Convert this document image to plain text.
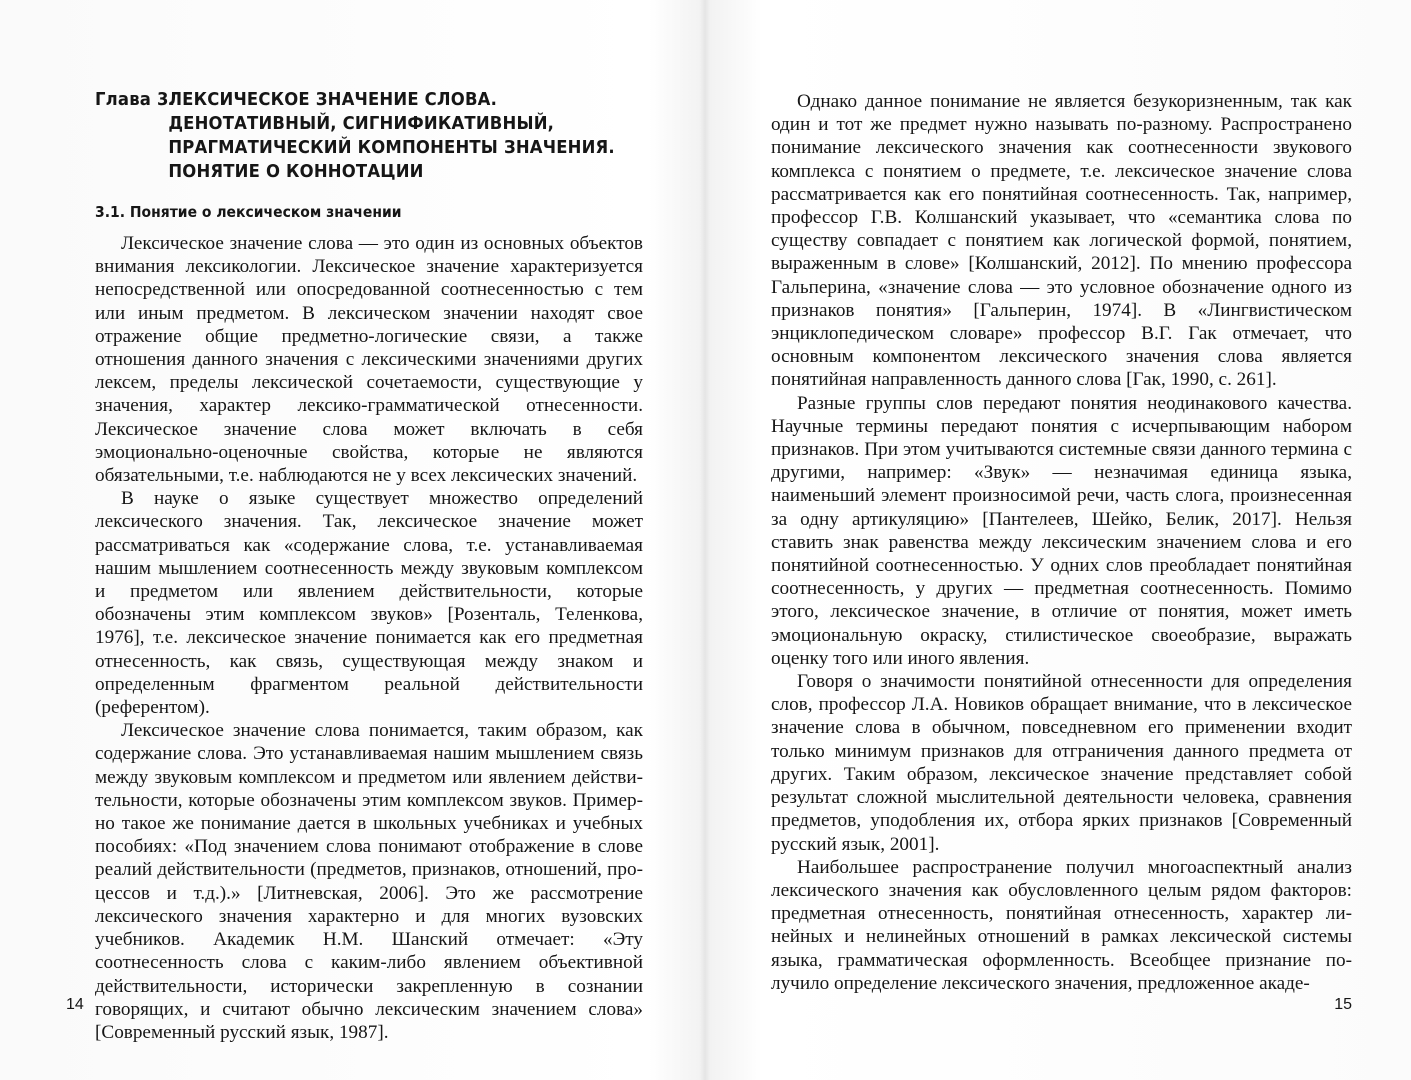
Глава 3.
ЛЕКСИЧЕСКОЕ ЗНАЧЕНИЕ СЛОВА. ДЕНОТАТИВНЫЙ, СИГНИФИКАТИВНЫЙ, ПРАГМАТИЧЕСКИЙ КОМПОНЕНТЫ ЗНАЧЕНИЯ. ПОНЯТИЕ О КОННОТАЦИИ
3.1. Понятие о лексическом значении

Лексическое значение слова — это один из основных объектов внимания лексикологии. Лексическое значение характеризуется непосредственной или опосредованной соотнесенностью с тем или иным предметом. В лексическом значении находят свое отражение общие предметно-логические связи, а также отношения данного значения с лексическими значениями других лексем, пределы лексической сочетаемости, существующие у значения, характер лексико-грамматической отнесенности. Лексическое значение слова может включать в себя эмоционально-оценочные свойства, которые не являются обязательными, т.е. наблюдаются не у всех лексических значений.

В науке о языке существует множество определений лексического значения. Так, лексическое значение может рассматриваться как «содержание слова, т.е. устанавливаемая нашим мышлением соотнесенность между звуковым комплексом и предметом или явлением действительности, которые обозначены этим комплексом звуков» [Розенталь, Теленкова, 1976], т.е. лексическое значение понимается как его предметная отнесенность, как связь, существующая между знаком и определенным фрагментом реальной действительности (референтом).

Лексическое значение слова понимается, таким образом, как содержание слова. Это устанавливаемая нашим мышлением связь между звуковым комплексом и предметом или явлением действительности, которые обозначены этим комплексом звуков. Примерно такое же понимание дается в школьных учебниках и учебных пособиях: «Под значением слова понимают отображение в слове реалий действительности (предметов, признаков, отношений, процессов и т.д.).» [Литневская, 2006]. Это же рассмотрение лексического значения характерно и для многих вузовских учебников. Академик Н.М. Шанский отмечает: «Эту соотнесенность слова с каким-либо явлением объективной действительности, исторически закрепленную в сознании говорящих, и считают обычно лексическим значением слова» [Современный русский язык, 1987].

14

Однако данное понимание не является безукоризненным, так как один и тот же предмет нужно называть по-разному. Распространено понимание лексического значения как соотнесенности звукового комплекса с понятием о предмете, т.е. лексическое значение слова рассматривается как его понятийная соотнесенность. Так, например, профессор Г.В. Колшанский указывает, что «семантика слова по существу совпадает с понятием как логической формой, понятием, выраженным в слове» [Колшанский, 2012]. По мнению профессора Гальперина, «значение слова — это условное обозначение одного из признаков понятия» [Гальперин, 1974]. В «Лингвистическом энциклопедическом словаре» профессор В.Г. Гак отмечает, что основным компонентом лексического значения слова является понятийная направленность данного слова [Гак, 1990, с. 261].

Разные группы слов передают понятия неодинакового качества. Научные термины передают понятия с исчерпывающим набором признаков. При этом учитываются системные связи данного термина с другими, например: «Звук» — незначимая единица языка, наименьший элемент произносимой речи, часть слога, произнесенная за одну артикуляцию» [Пантелеев, Шейко, Белик, 2017]. Нельзя ставить знак равенства между лексическим значением слова и его понятийной соотнесенностью. У одних слов преобладает понятийная соотнесенность, у других — предметная соотнесенность. Помимо этого, лексическое значение, в отличие от понятия, может иметь эмоциональную окраску, стилистическое своеобразие, выражать оценку того или иного явления.

Говоря о значимости понятийной отнесенности для определения слов, профессор Л.А. Новиков обращает внимание, что в лексическое значение слова в обычном, повседневном его применении входит только минимум признаков для отграничения данного предмета от других. Таким образом, лексическое значение представляет собой результат сложной мыслительной деятельности человека, сравнения предметов, уподобления их, отбора ярких признаков [Современный русский язык, 2001].

Наибольшее распространение получил многоаспектный анализ лексического значения как обусловленного целым рядом факторов: предметная отнесенность, понятийная отнесенность, характер линейных и нелинейных отношений в рамках лексической системы языка, грамматическая оформленность. Всеобщее признание получило определение лексического значения, предложенное акаде-

15
